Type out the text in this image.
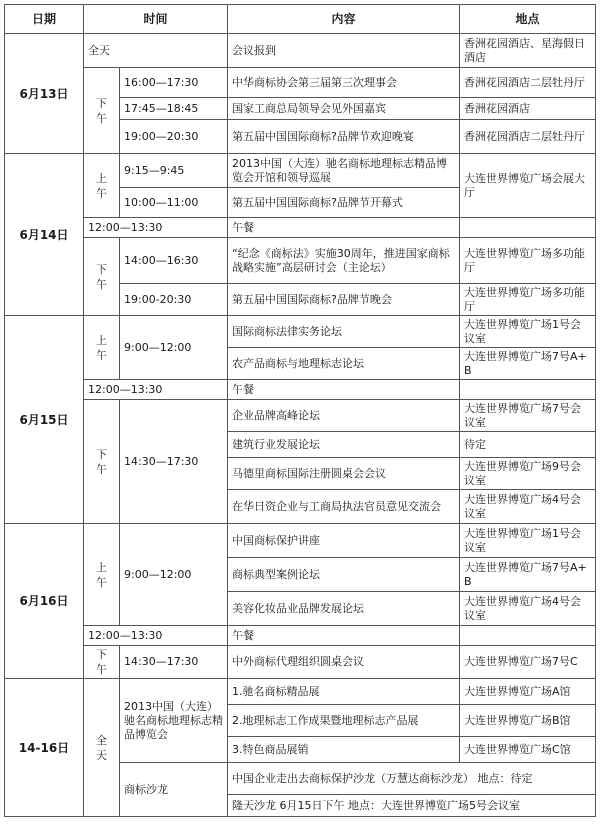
日期	时间		内容	地点
6月13日	全天		会议报到	香洲花园酒店、星海假日酒店
	下午	16:00—17:30	中华商标协会第三届第三次理事会	香洲花园酒店二层牡丹厅
		17:45—18:45	国家工商总局领导会见外国嘉宾	香洲花园酒店
		19:00—20:30	第五届中国国际商标?品牌节欢迎晚宴	香洲花园酒店二层牡丹厅
6月14日	上午	9:15—9:45	2013中国（大连）驰名商标地理标志精品博览会开馆和领导巡展	大连世界博览广场会展大厅
		10:00—11:00	第五届中国国际商标?品牌节开幕式	
	12:00—13:30		午餐	
	下午	14:00—16:30	“纪念《商标法》实施30周年，推进国家商标战略实施”高层研讨会（主论坛）	大连世界博览广场多功能厅
		19:00-20:30	第五届中国国际商标?品牌节晚会	大连世界博览广场多功能厅
6月15日	上午	9:00—12:00	国际商标法律实务论坛	大连世界博览广场1号会议室
			农产品商标与地理标志论坛	大连世界博览广场7号A+B
	12:00—13:30		午餐	
	下午	14:30—17:30	企业品牌高峰论坛	大连世界博览广场7号会议室
			建筑行业发展论坛	待定
			马德里商标国际注册圆桌会会议	大连世界博览广场9号会议室
			在华日资企业与工商局执法官员意见交流会	大连世界博览广场4号会议室
6月16日	上午	9:00—12:00	中国商标保护讲座	大连世界博览广场1号会议室
			商标典型案例论坛	大连世界博览广场7号A+B
			美容化妆品业品牌发展论坛	大连世界博览广场4号会议室
	12:00—13:30		午餐	
	下午	14:30—17:30	中外商标代理组织圆桌会议	大连世界博览广场7号C
14-16日	全天	2013中国（大连）驰名商标地理标志精品博览会	1.驰名商标精品展	大连世界博览广场A馆
			2.地理标志工作成果暨地理标志产品展	大连世界博览广场B馆
			3.特色商品展销	大连世界博览广场C馆
		商标沙龙	中国企业走出去商标保护沙龙（万慧达商标沙龙） 地点：待定	
			隆天沙龙 6月15日下午 地点：大连世界博览广场5号会议室	
